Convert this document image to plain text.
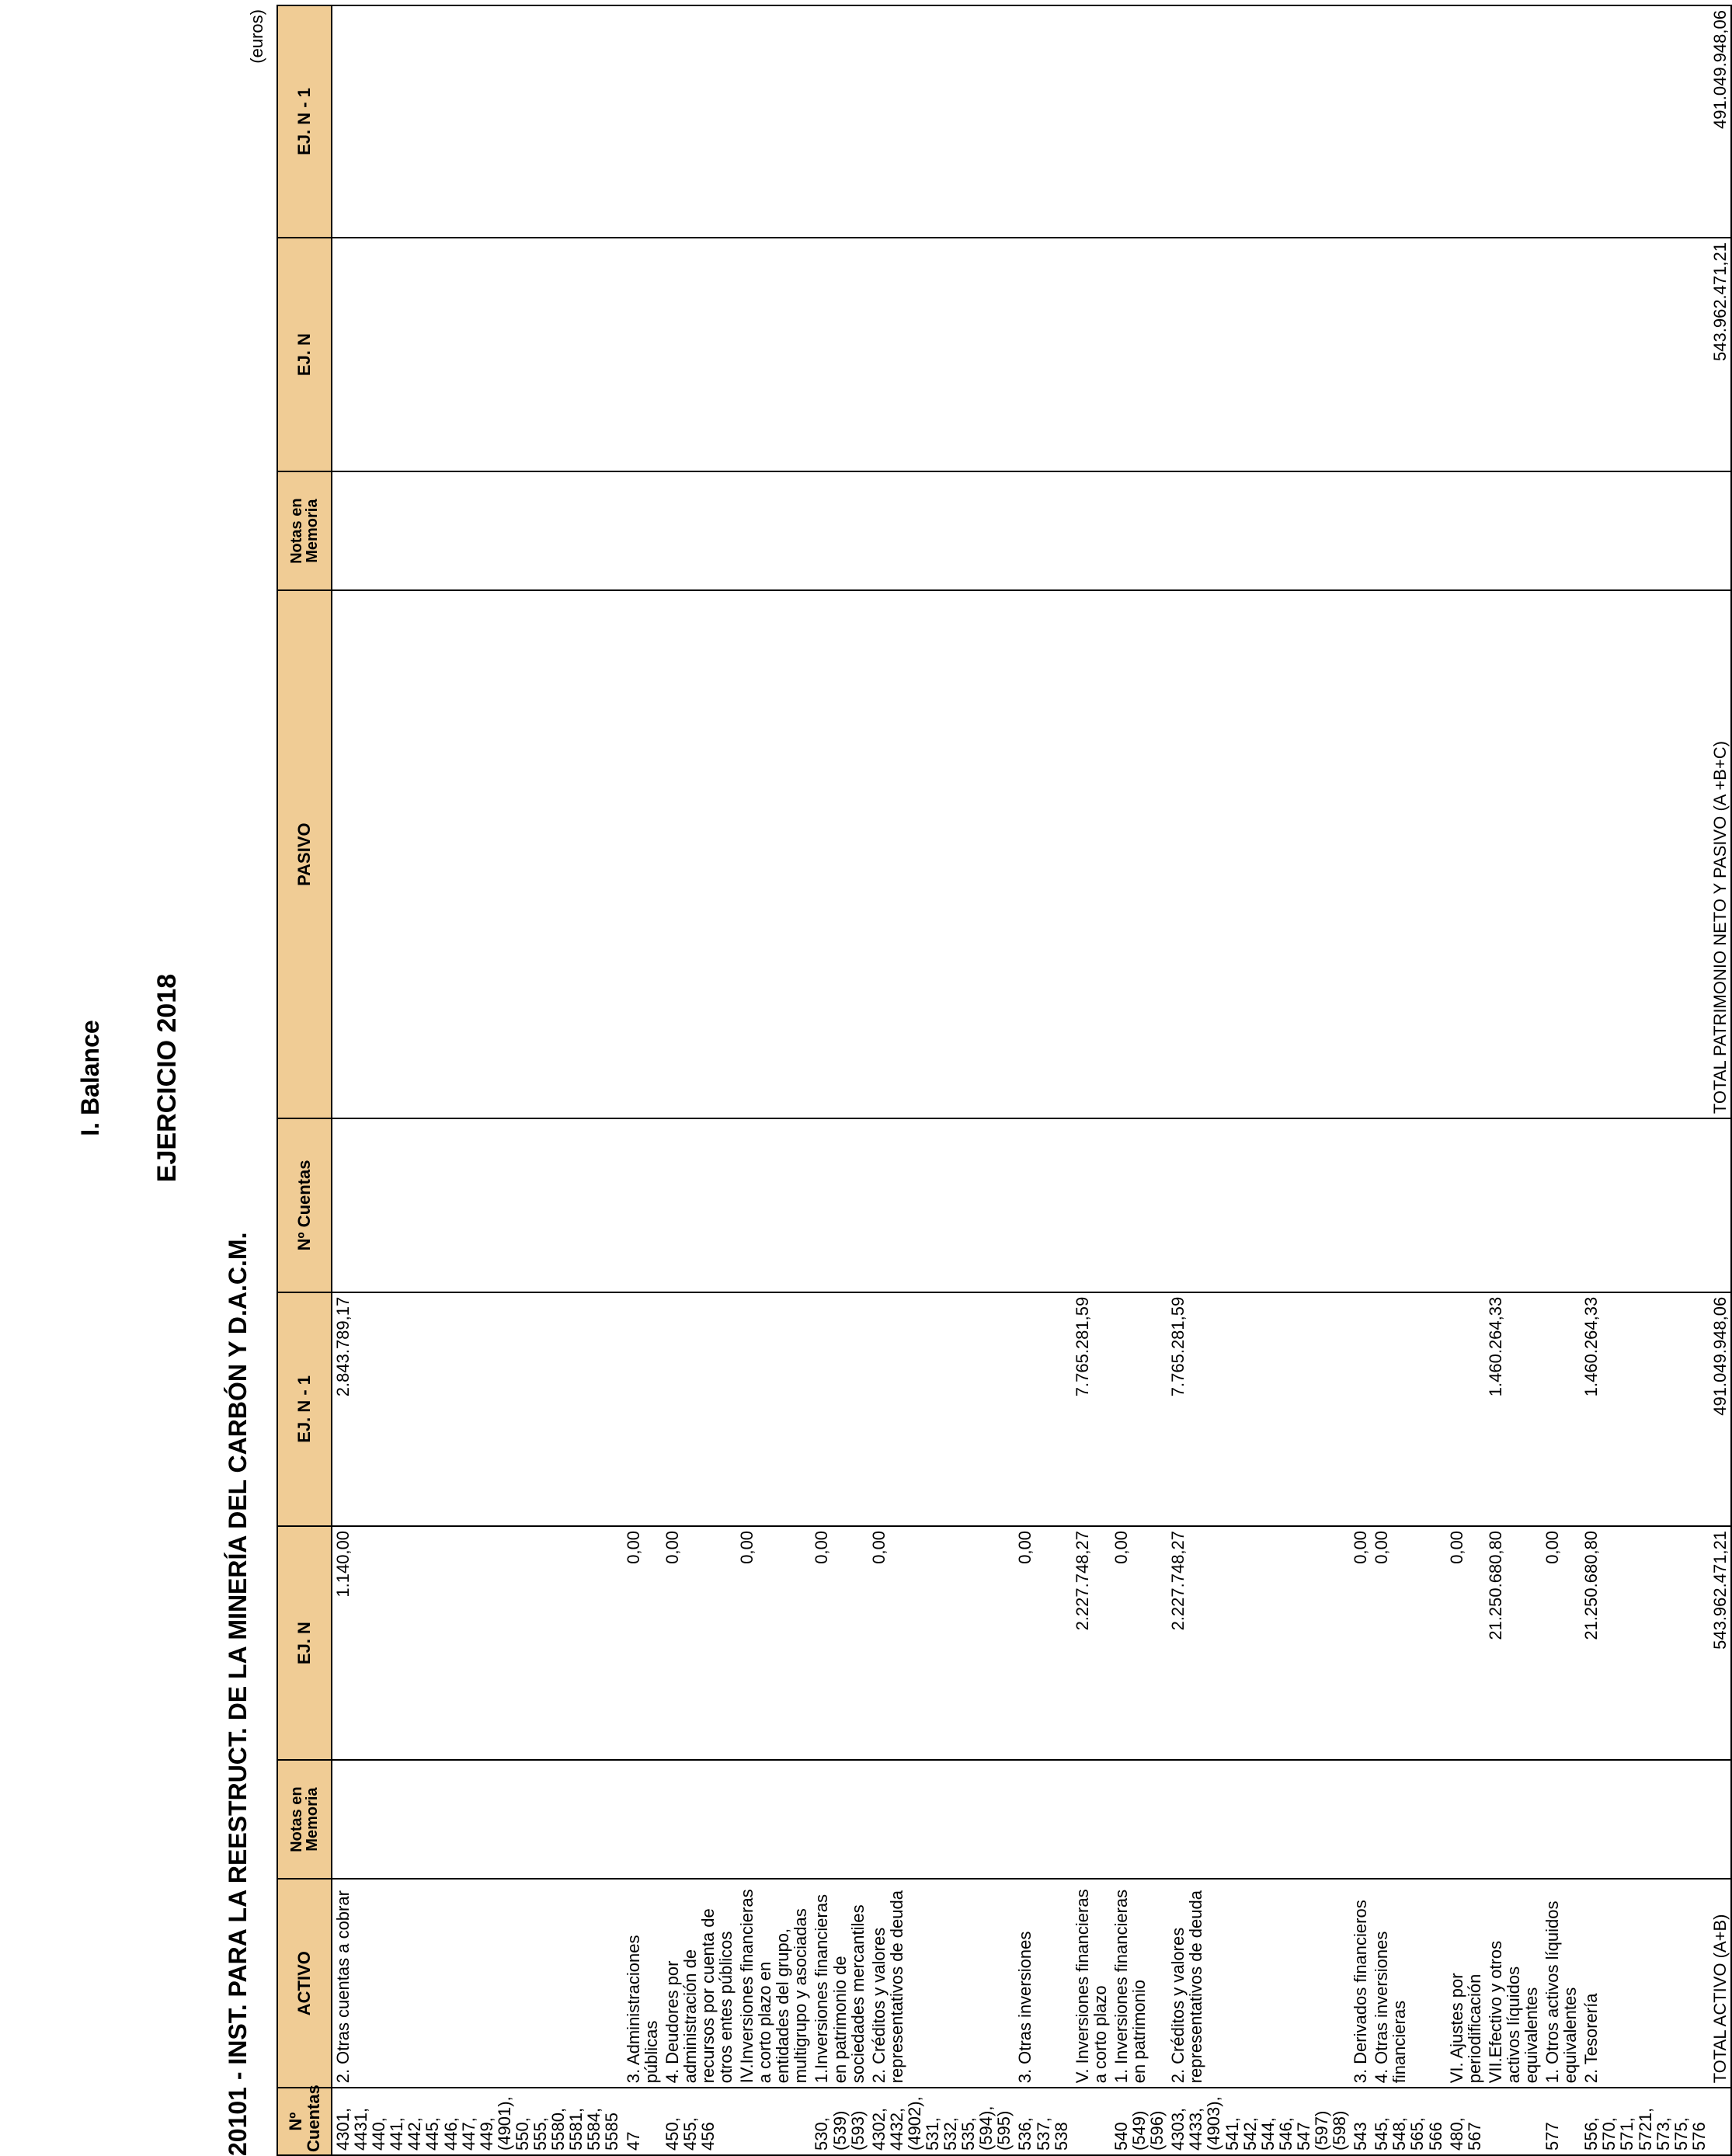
I. Balance EJERCICIO 2018
20101 - INST. PARA LA REESTRUCT. DE LA MINERÍA DEL CARBÓN Y D.A.C.M.
(euros)
Nº Cuentas	ACTIVO	Notas en Memoria	EJ. N	EJ. N - 1	Nº Cuentas	PASIVO	Notas en Memoria	EJ. N	EJ. N - 1
4301, 4431, 440, 441, 442, 445, 446, 447, 449, (4901), 550, 555, 5580, 5581, 5584, 5585	2. Otras cuentas a cobrar		1.140,00	2.843.789,17					
47	3. Administraciones públicas		0,00						
450, 455, 456	4. Deudores por administración de recursos por cuenta de otros entes públicos		0,00						
	IV.Inversiones financieras a corto plazo en entidades del grupo, multigrupo y asociadas		0,00						
530, (539) (593)	1.Inversiones financieras en patrimonio de sociedades mercantiles		0,00						
4302, 4432, (4902), 531, 532, 535, (594), (595)	2. Créditos y valores representativos de deuda		0,00						
536, 537, 538	3. Otras inversiones		0,00						
	V. Inversiones financieras a corto plazo		2.227.748,27	7.765.281,59					
540 (549) (596)	1. Inversiones financieras en patrimonio		0,00						
4303, 4433, (4903), 541, 542, 544, 546, 547 (597) (598)	2. Créditos y valores representativos de deuda		2.227.748,27	7.765.281,59					
543	3. Derivados financieros		0,00						
545, 548, 565, 566	4. Otras inversiones financieras		0,00						
480, 567	VI. Ajustes por periodificación		0,00						
	VII.Efectivo y otros activos líquidos equivalentes		21.250.680,80	1.460.264,33					
577	1. Otros activos líquidos equivalentes		0,00						
556, 570, 571, 5721, 573, 575, 576	2. Tesorería		21.250.680,80	1.460.264,33					
	TOTAL ACTIVO (A+B)		543.962.471,21	491.049.948,06		TOTAL PATRIMONIO NETO Y PASIVO (A +B+C)		543.962.471,21	491.049.948,06
